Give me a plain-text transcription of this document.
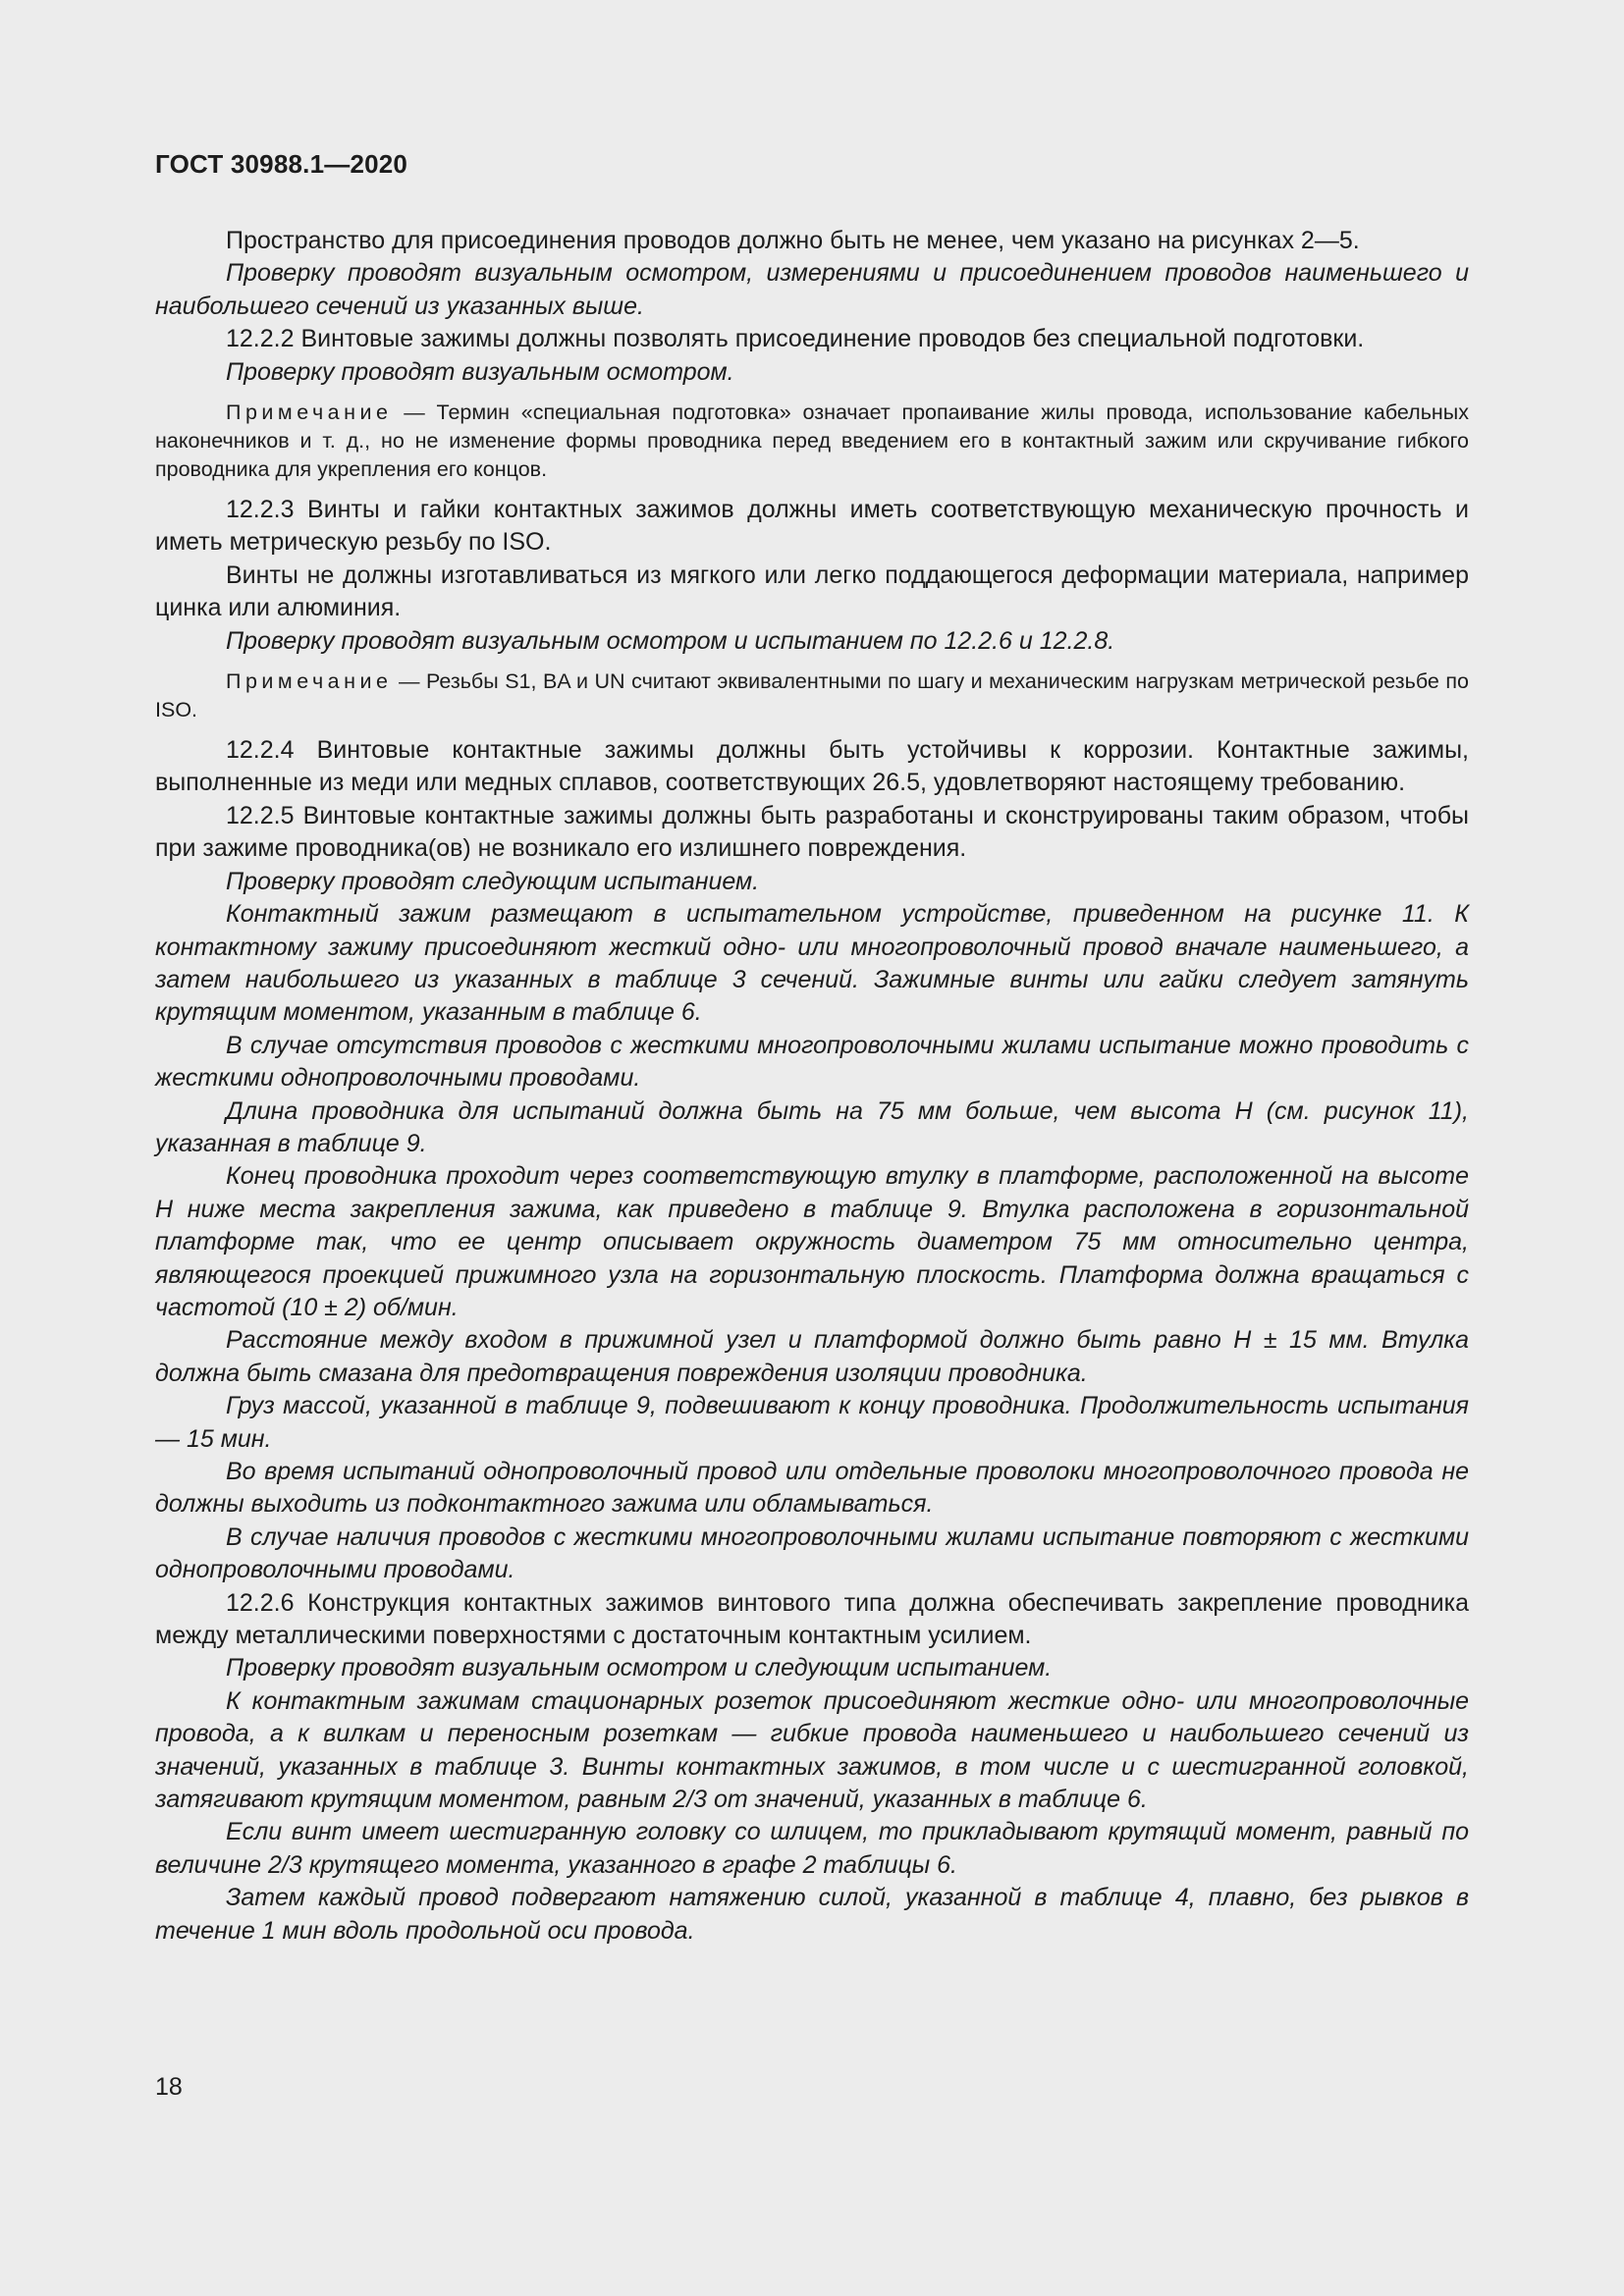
ГОСТ 30988.1—2020

Пространство для присоединения проводов должно быть не менее, чем указано на рисунках 2—5.

Проверку проводят визуальным осмотром, измерениями и присоединением проводов наименьшего и наибольшего сечений из указанных выше.

12.2.2 Винтовые зажимы должны позволять присоединение проводов без специальной подготовки.

Проверку проводят визуальным осмотром.

Примечание — Термин «специальная подготовка» означает пропаивание жилы провода, использование кабельных наконечников и т. д., но не изменение формы проводника перед введением его в контактный зажим или скручивание гибкого проводника для укрепления его концов.

12.2.3 Винты и гайки контактных зажимов должны иметь соответствующую механическую прочность и иметь метрическую резьбу по ISO.

Винты не должны изготавливаться из мягкого или легко поддающегося деформации материала, например цинка или алюминия.

Проверку проводят визуальным осмотром и испытанием по 12.2.6 и 12.2.8.

Примечание — Резьбы S1, BA и UN считают эквивалентными по шагу и механическим нагрузкам метрической резьбе по ISO.

12.2.4 Винтовые контактные зажимы должны быть устойчивы к коррозии. Контактные зажимы, выполненные из меди или медных сплавов, соответствующих 26.5, удовлетворяют настоящему требованию.

12.2.5 Винтовые контактные зажимы должны быть разработаны и сконструированы таким образом, чтобы при зажиме проводника(ов) не возникало его излишнего повреждения.

Проверку проводят следующим испытанием.

Контактный зажим размещают в испытательном устройстве, приведенном на рисунке 11. К контактному зажиму присоединяют жесткий одно- или многопроволочный провод вначале наименьшего, а затем наибольшего из указанных в таблице 3 сечений. Зажимные винты или гайки следует затянуть крутящим моментом, указанным в таблице 6.

В случае отсутствия проводов с жесткими многопроволочными жилами испытание можно проводить с жесткими однопроволочными проводами.

Длина проводника для испытаний должна быть на 75 мм больше, чем высота H (см. рисунок 11), указанная в таблице 9.

Конец проводника проходит через соответствующую втулку в платформе, расположенной на высоте H ниже места закрепления зажима, как приведено в таблице 9. Втулка расположена в горизонтальной платформе так, что ее центр описывает окружность диаметром 75 мм относительно центра, являющегося проекцией прижимного узла на горизонтальную плоскость. Платформа должна вращаться с частотой (10 ± 2) об/мин.

Расстояние между входом в прижимной узел и платформой должно быть равно H ± 15 мм. Втулка должна быть смазана для предотвращения повреждения изоляции проводника.

Груз массой, указанной в таблице 9, подвешивают к концу проводника. Продолжительность испытания — 15 мин.

Во время испытаний однопроволочный провод или отдельные проволоки многопроволочного провода не должны выходить из подконтактного зажима или обламываться.

В случае наличия проводов с жесткими многопроволочными жилами испытание повторяют с жесткими однопроволочными проводами.

12.2.6 Конструкция контактных зажимов винтового типа должна обеспечивать закрепление проводника между металлическими поверхностями с достаточным контактным усилием.

Проверку проводят визуальным осмотром и следующим испытанием.

К контактным зажимам стационарных розеток присоединяют жесткие одно- или многопроволочные провода, а к вилкам и переносным розеткам — гибкие провода наименьшего и наибольшего сечений из значений, указанных в таблице 3. Винты контактных зажимов, в том числе и с шестигранной головкой, затягивают крутящим моментом, равным 2/3 от значений, указанных в таблице 6.

Если винт имеет шестигранную головку со шлицем, то прикладывают крутящий момент, равный по величине 2/3 крутящего момента, указанного в графе 2 таблицы 6.

Затем каждый провод подвергают натяжению силой, указанной в таблице 4, плавно, без рывков в течение 1 мин вдоль продольной оси провода.

18
